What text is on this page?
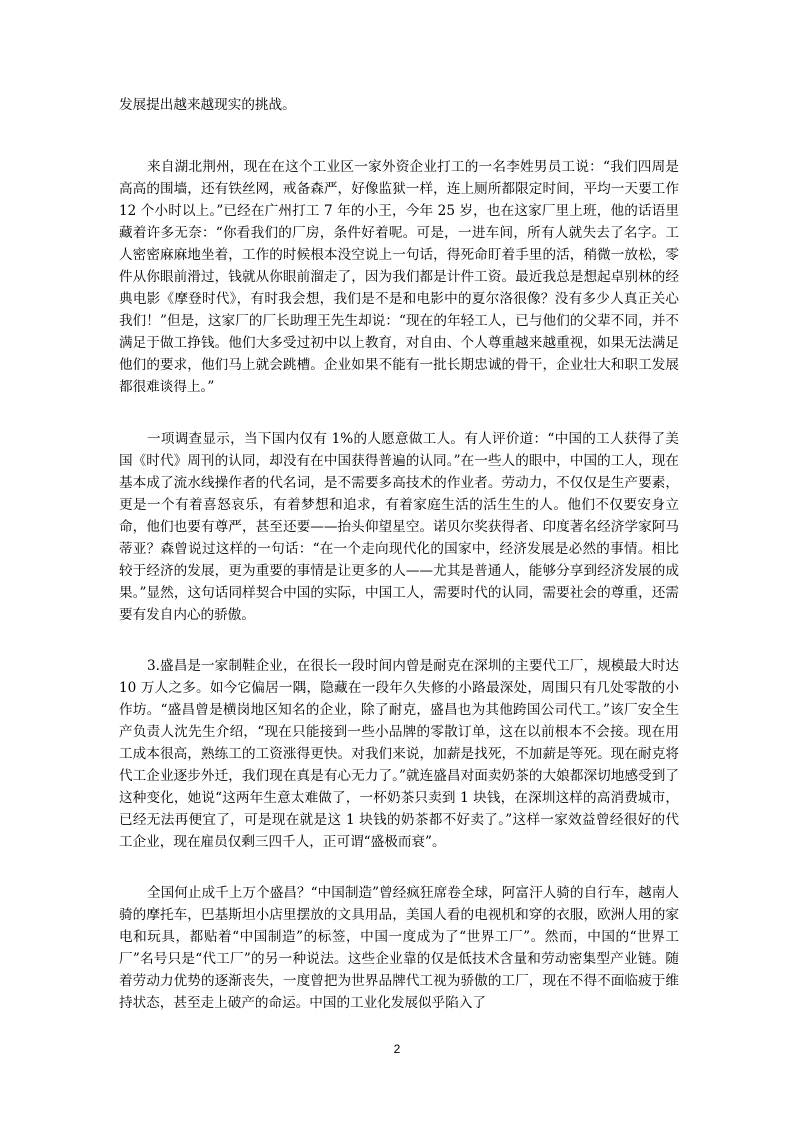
发展提出越来越现实的挑战。

来自湖北荆州，现在在这个工业区一家外资企业打工的一名李姓男员工说：“我们四周是高高的围墙，还有铁丝网，戒备森严，好像监狱一样，连上厕所都限定时间，平均一天要工作 12 个小时以上。”已经在广州打工 7 年的小王，今年 25 岁，也在这家厂里上班，他的话语里藏着许多无奈：“你看我们的厂房，条件好着呢。可是，一进车间，所有人就失去了名字。工人密密麻麻地坐着，工作的时候根本没空说上一句话，得死命盯着手里的活，稍微一放松，零件从你眼前滑过，钱就从你眼前溜走了，因为我们都是计件工资。最近我总是想起卓别林的经典电影《摩登时代》，有时我会想，我们是不是和电影中的夏尔洛很像？没有多少人真正关心我们！”但是，这家厂的厂长助理王先生却说：“现在的年轻工人，已与他们的父辈不同，并不满足于做工挣钱。他们大多受过初中以上教育，对自由、个人尊重越来越重视，如果无法满足他们的要求，他们马上就会跳槽。企业如果不能有一批长期忠诚的骨干，企业壮大和职工发展都很难谈得上。”

一项调查显示，当下国内仅有 1%的人愿意做工人。有人评价道：“中国的工人获得了美国《时代》周刊的认同，却没有在中国获得普遍的认同。”在一些人的眼中，中国的工人，现在基本成了流水线操作者的代名词，是不需要多高技术的作业者。劳动力，不仅仅是生产要素，更是一个有着喜怒哀乐，有着梦想和追求，有着家庭生活的活生生的人。他们不仅要安身立命，他们也要有尊严，甚至还要——抬头仰望星空。诺贝尔奖获得者、印度著名经济学家阿马蒂亚？森曾说过这样的一句话：“在一个走向现代化的国家中，经济发展是必然的事情。相比较于经济的发展，更为重要的事情是让更多的人——尤其是普通人，能够分享到经济发展的成果。”显然，这句话同样契合中国的实际，中国工人，需要时代的认同，需要社会的尊重，还需要有发自内心的骄傲。

3.盛昌是一家制鞋企业，在很长一段时间内曾是耐克在深圳的主要代工厂，规模最大时达 10 万人之多。如今它偏居一隅，隐藏在一段年久失修的小路最深处，周围只有几处零散的小作坊。“盛昌曾是横岗地区知名的企业，除了耐克，盛昌也为其他跨国公司代工。”该厂安全生产负责人沈先生介绍，“现在只能接到一些小品牌的零散订单，这在以前根本不会接。现在用工成本很高，熟练工的工资涨得更快。对我们来说，加薪是找死，不加薪是等死。现在耐克将代工企业逐步外迁，我们现在真是有心无力了。”就连盛昌对面卖奶茶的大娘都深切地感受到了这种变化，她说“这两年生意太难做了，一杯奶茶只卖到 1 块钱，在深圳这样的高消费城市，已经无法再便宜了，可是现在就是这 1 块钱的奶茶都不好卖了。”这样一家效益曾经很好的代工企业，现在雇员仅剩三四千人，正可谓“盛极而衰”。

全国何止成千上万个盛昌？“中国制造”曾经疯狂席卷全球，阿富汗人骑的自行车，越南人骑的摩托车，巴基斯坦小店里摆放的文具用品，美国人看的电视机和穿的衣服，欧洲人用的家电和玩具，都贴着“中国制造”的标签，中国一度成为了“世界工厂”。然而，中国的“世界工厂”名号只是“代工厂”的另一种说法。这些企业靠的仅是低技术含量和劳动密集型产业链。随着劳动力优势的逐渐丧失，一度曾把为世界品牌代工视为骄傲的工厂，现在不得不面临疲于维持状态，甚至走上破产的命运。中国的工业化发展似乎陷入了

2
